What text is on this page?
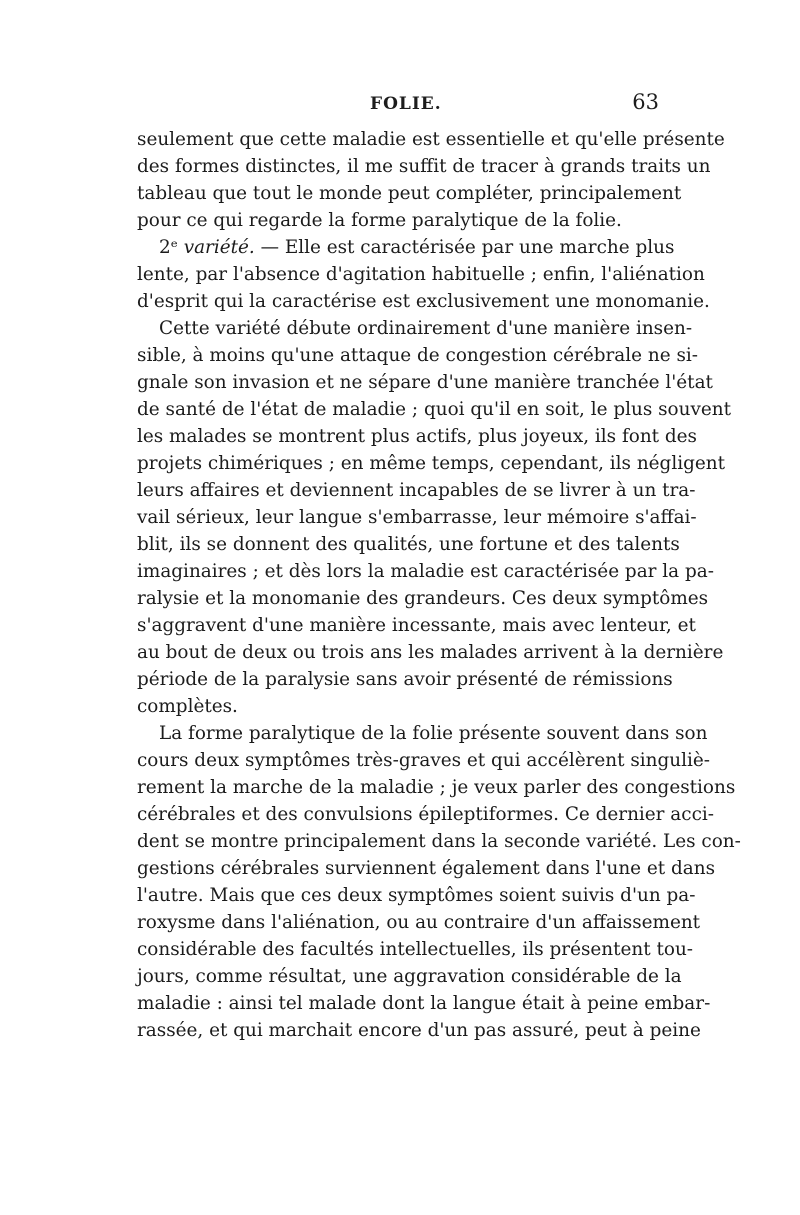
FOLIE.	63
seulement que cette maladie est essentielle et qu'elle présente
des formes distinctes, il me suffit de tracer à grands traits un
tableau que tout le monde peut compléter, principalement
pour ce qui regarde la forme paralytique de la folie.
2ᵉ variété. — Elle est caractérisée par une marche plus
lente, par l'absence d'agitation habituelle ; enfin, l'aliénation
d'esprit qui la caractérise est exclusivement une monomanie.
Cette variété débute ordinairement d'une manière insen-
sible, à moins qu'une attaque de congestion cérébrale ne si-
gnale son invasion et ne sépare d'une manière tranchée l'état
de santé de l'état de maladie ; quoi qu'il en soit, le plus souvent
les malades se montrent plus actifs, plus joyeux, ils font des
projets chimériques ; en même temps, cependant, ils négligent
leurs affaires et deviennent incapables de se livrer à un tra-
vail sérieux, leur langue s'embarrasse, leur mémoire s'affai-
blit, ils se donnent des qualités, une fortune et des talents
imaginaires ; et dès lors la maladie est caractérisée par la pa-
ralysie et la monomanie des grandeurs. Ces deux symptômes
s'aggravent d'une manière incessante, mais avec lenteur, et
au bout de deux ou trois ans les malades arrivent à la dernière
période de la paralysie sans avoir présenté de rémissions
complètes.
La forme paralytique de la folie présente souvent dans son
cours deux symptômes très-graves et qui accélèrent singuliè-
rement la marche de la maladie ; je veux parler des congestions
cérébrales et des convulsions épileptiformes. Ce dernier acci-
dent se montre principalement dans la seconde variété. Les con-
gestions cérébrales surviennent également dans l'une et dans
l'autre. Mais que ces deux symptômes soient suivis d'un pa-
roxysme dans l'aliénation, ou au contraire d'un affaissement
considérable des facultés intellectuelles, ils présentent tou-
jours, comme résultat, une aggravation considérable de la
maladie : ainsi tel malade dont la langue était à peine embar-
rassée, et qui marchait encore d'un pas assuré, peut à peine
